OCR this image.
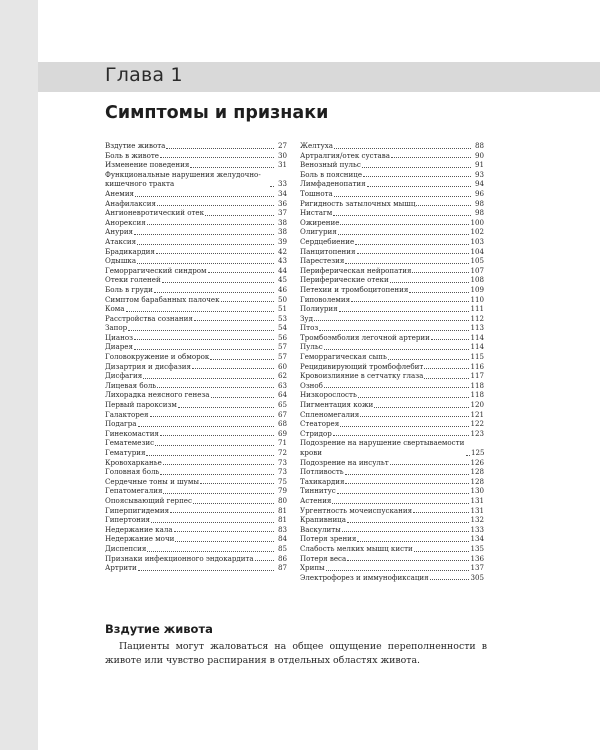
Глава 1
Симптомы и признаки
Вздутие живота	27
Боль в животе	30
Изменение поведения	31
Функциональные нарушения желудочно-кишечного тракта	33
Анемия	34
Анафилаксия	36
Ангионевротический отек	37
Анорексия	38
Анурия	38
Атаксия	39
Брадикардия	42
Одышка	43
Геморрагический синдром	44
Отеки голеней	45
Боль в груди	46
Симптом барабанных палочек	50
Кома	51
Расстройства сознания	53
Запор	54
Цианоз	56
Диарея	57
Головокружение и обморок	57
Дизартрия и дисфазия	60
Дисфагия	62
Лицевая боль	63
Лихорадка неясного генеза	64
Первый пароксизм	65
Галакторея	67
Подагра	68
Гинекомастия	69
Гематемезис	71
Гематурия	72
Кровохарканье	73
Головная боль	73
Сердечные тоны и шумы	75
Гепатомегалия	79
Опоясывающий герпес	80
Гиперпигидемия	81
Гипертония	81
Недержание кала	83
Недержание мочи	84
Диспепсия	85
Признаки инфекционного эндокардита	86
Артрити	87
Желтуха	88
Артралгия/отек сустава	90
Венозный пульс	91
Боль в пояснице	93
Лимфаденопатия	94
Тошнота	96
Ригидность затылочных мышц	98
Нистагм	98
Ожирение	100
Олигурия	102
Сердцебиение	103
Панцитопения	104
Парестезия	105
Периферическая нейропатия	107
Периферические отеки	108
Петехии и тромбоцитопения	109
Гиповолемия	110
Полиурия	111
Зуд	112
Птоз	113
Тромбоэмболия легочной артерии	114
Пульс	114
Геморрагическая сыпь	115
Рецидивирующий тромбофлебит	116
Кровоизлияние в сетчатку глаза	117
Озноб	118
Низкорослость	118
Пигментация кожи	120
Спленомегалия	121
Стеаторея	122
Стридор	123
Подозрение на нарушение свертываемости крови	125
Подозрение на инсульт	126
Потливость	128
Тахикардия	128
Тиннитус	130
Астения	131
Ургентность мочеиспускания	131
Крапивница	132
Васкулиты	133
Потеря зрения	134
Слабость мелких мышц кисти	135
Потеря веса	136
Хрипы	137
Электрофорез и иммунофиксация	305
Вздутие живота

Пациенты могут жаловаться на общее ощущение переполненности в животе или чувство распирания в отдельных областях живота.
